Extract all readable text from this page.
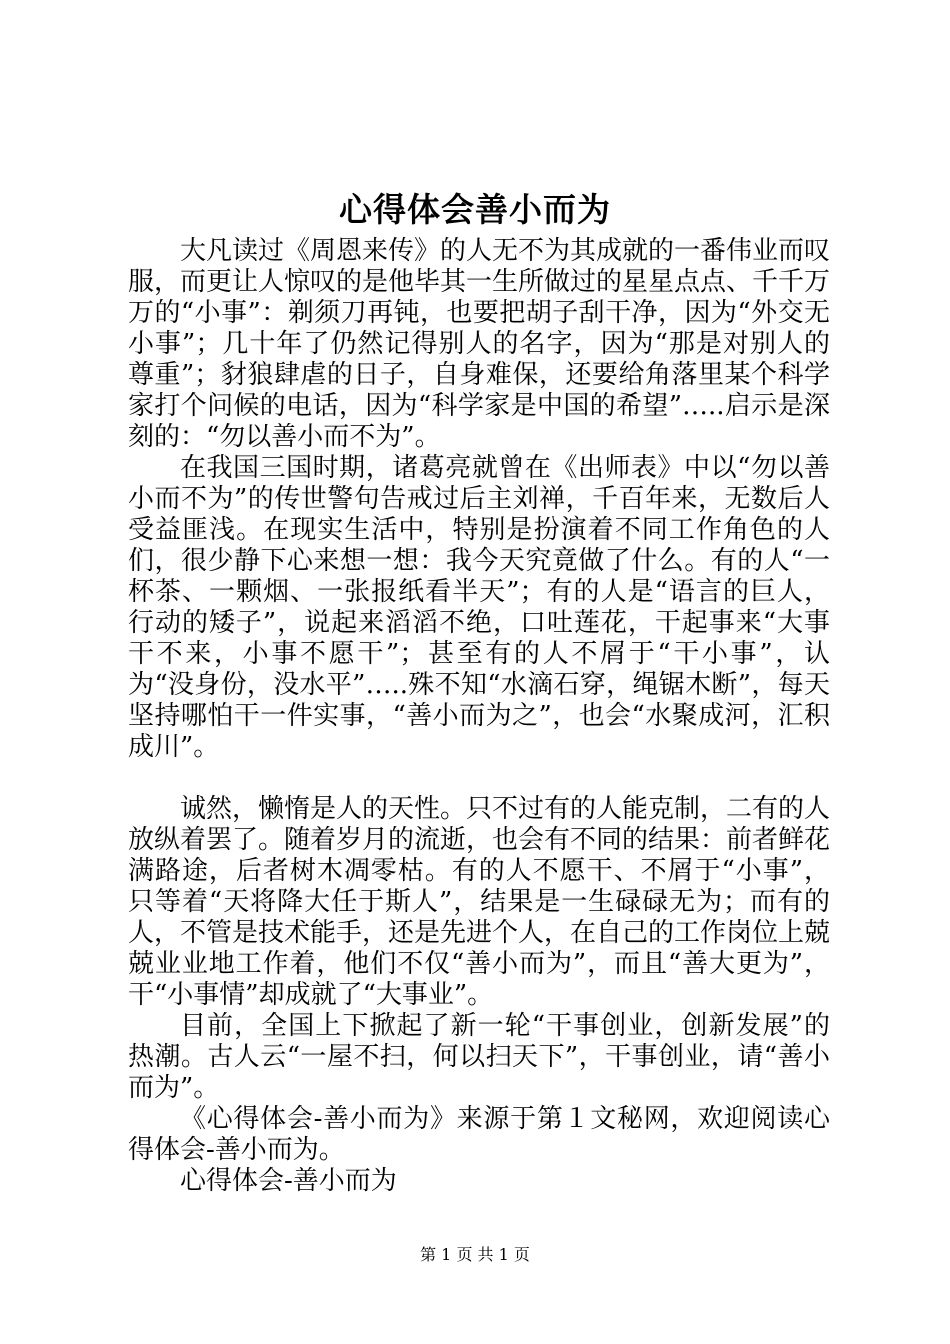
心得体会善小而为

大凡读过《周恩来传》的人无不为其成就的一番伟业而叹服，而更让人惊叹的是他毕其一生所做过的星星点点、千千万万的“小事”：剃须刀再钝，也要把胡子刮干净，因为“外交无小事”；几十年了仍然记得别人的名字，因为“那是对别人的尊重”；豺狼肆虐的日子，自身难保，还要给角落里某个科学家打个问候的电话，因为“科学家是中国的希望”…..启示是深刻的：“勿以善小而不为”。

在我国三国时期，诸葛亮就曾在《出师表》中以“勿以善小而不为”的传世警句告戒过后主刘禅，千百年来，无数后人受益匪浅。在现实生活中，特别是扮演着不同工作角色的人们，很少静下心来想一想：我今天究竟做了什么。有的人“一杯茶、一颗烟、一张报纸看半天”；有的人是“语言的巨人，行动的矮子”，说起来滔滔不绝，口吐莲花，干起事来“大事干不来，小事不愿干”；甚至有的人不屑于“干小事”，认为“没身份，没水平”…..殊不知“水滴石穿，绳锯木断”，每天坚持哪怕干一件实事，“善小而为之”，也会“水聚成河，汇积成川”。

诚然，懒惰是人的天性。只不过有的人能克制，二有的人放纵着罢了。随着岁月的流逝，也会有不同的结果：前者鲜花满路途，后者树木凋零枯。有的人不愿干、不屑于“小事”，只等着“天将降大任于斯人”，结果是一生碌碌无为；而有的人，不管是技术能手，还是先进个人，在自己的工作岗位上兢兢业业地工作着，他们不仅“善小而为”，而且“善大更为”，干“小事情”却成就了“大事业”。

目前，全国上下掀起了新一轮“干事创业，创新发展”的热潮。古人云“一屋不扫，何以扫天下”，干事创业，请“善小而为”。

《心得体会-善小而为》来源于第１文秘网，欢迎阅读心得体会-善小而为。

心得体会-善小而为

第 1 页 共 1 页
